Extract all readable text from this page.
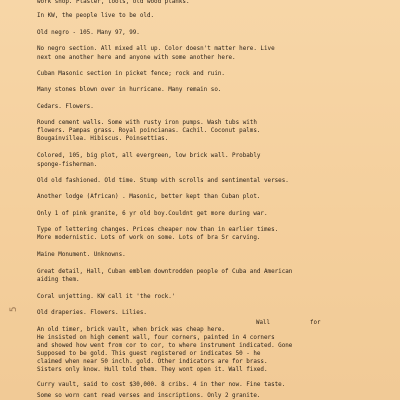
5
Wall	for
work shop. Plaster, tools, old wood planks.
In KW, the people live to be old.
Old negro - 105. Many 97, 99.
No negro section. All mixed all up. Color doesn't matter here. Live
next one another here and anyone with some another here.
Cuban Masonic section in picket fence; rock and ruin.
Many stones blown over in hurricane. Many remain so.
Cedars. Flowers.
Round cement walls. Some with rusty iron pumps. Wash tubs with
flowers. Pampas grass. Royal poincianas. Cachil. Coconut palms.
Bougainvillea. Hibiscus. Poinsettias.
Colored, 105, big plot, all evergreen, low brick wall. Probably
sponge-fisherman.
Old old fashioned. Old time. Stump with scrolls and sentimental verses.
Another lodge (African) . Masonic, better kept than Cuban plot.
Only 1 of pink granite, 6 yr old boy.Couldnt get more during war.
Type of lettering changes. Prices cheaper now than in earlier times.
More modernistic. Lots of work on some. Lots of bra Sr carving.
Maine Monument. Unknowns.
Great detail, Hall, Cuban emblem downtrodden people of Cuba and American
aiding them.
Coral unjetting. KW call it 'the rock.'
Old draperies. Flowers. Lilies.
An old timer, brick vault, when brick was cheap here.
He insisted on high cement wall, four corners, painted in 4 corners
and showed how went from cor to cor, to where instrument indicated. Gone
Supposed to be gold. This guest registered or indicates 50 - he
claimed when near 50 inclh. gold. Other indicators are for brass.
Sisters only know. Hull told them. They wont open it. Wall fixed.
Curry vault, said to cost $30,000. 8 cribs. 4 in ther now. Fine taste.
Some so worn cant read verses and inscriptions. Only 2 granite.
